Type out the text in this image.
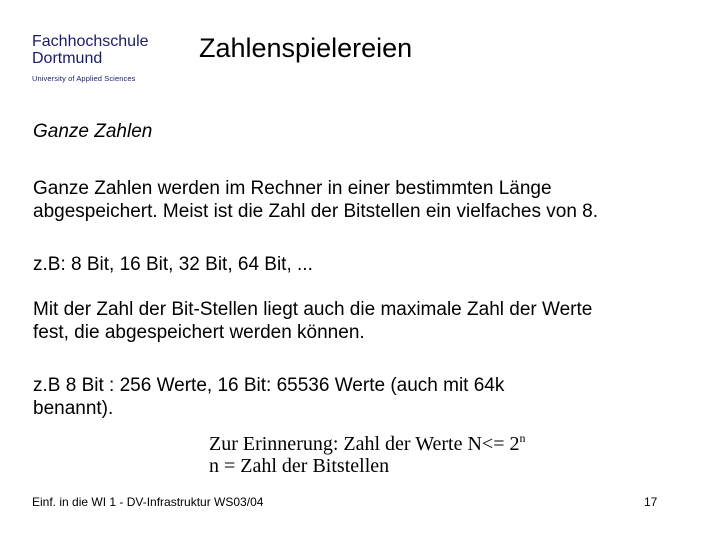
Fachhochschule
Dortmund
University of Applied Sciences
Zahlenspielereien
Ganze Zahlen
Ganze Zahlen werden im Rechner in einer bestimmten Länge
abgespeichert. Meist ist die Zahl der Bitstellen ein vielfaches von 8.
z.B: 8 Bit, 16 Bit, 32 Bit, 64 Bit, ...
Mit der Zahl der Bit-Stellen liegt auch die maximale Zahl der Werte
fest, die abgespeichert werden können.
z.B 8 Bit : 256 Werte, 16 Bit: 65536 Werte (auch mit 64k
benannt).
Zur Erinnerung: Zahl der Werte $N<= 2^n$
n = Zahl der Bitstellen
Einf. in die WI 1 - DV-Infrastruktur WS03/04	17
